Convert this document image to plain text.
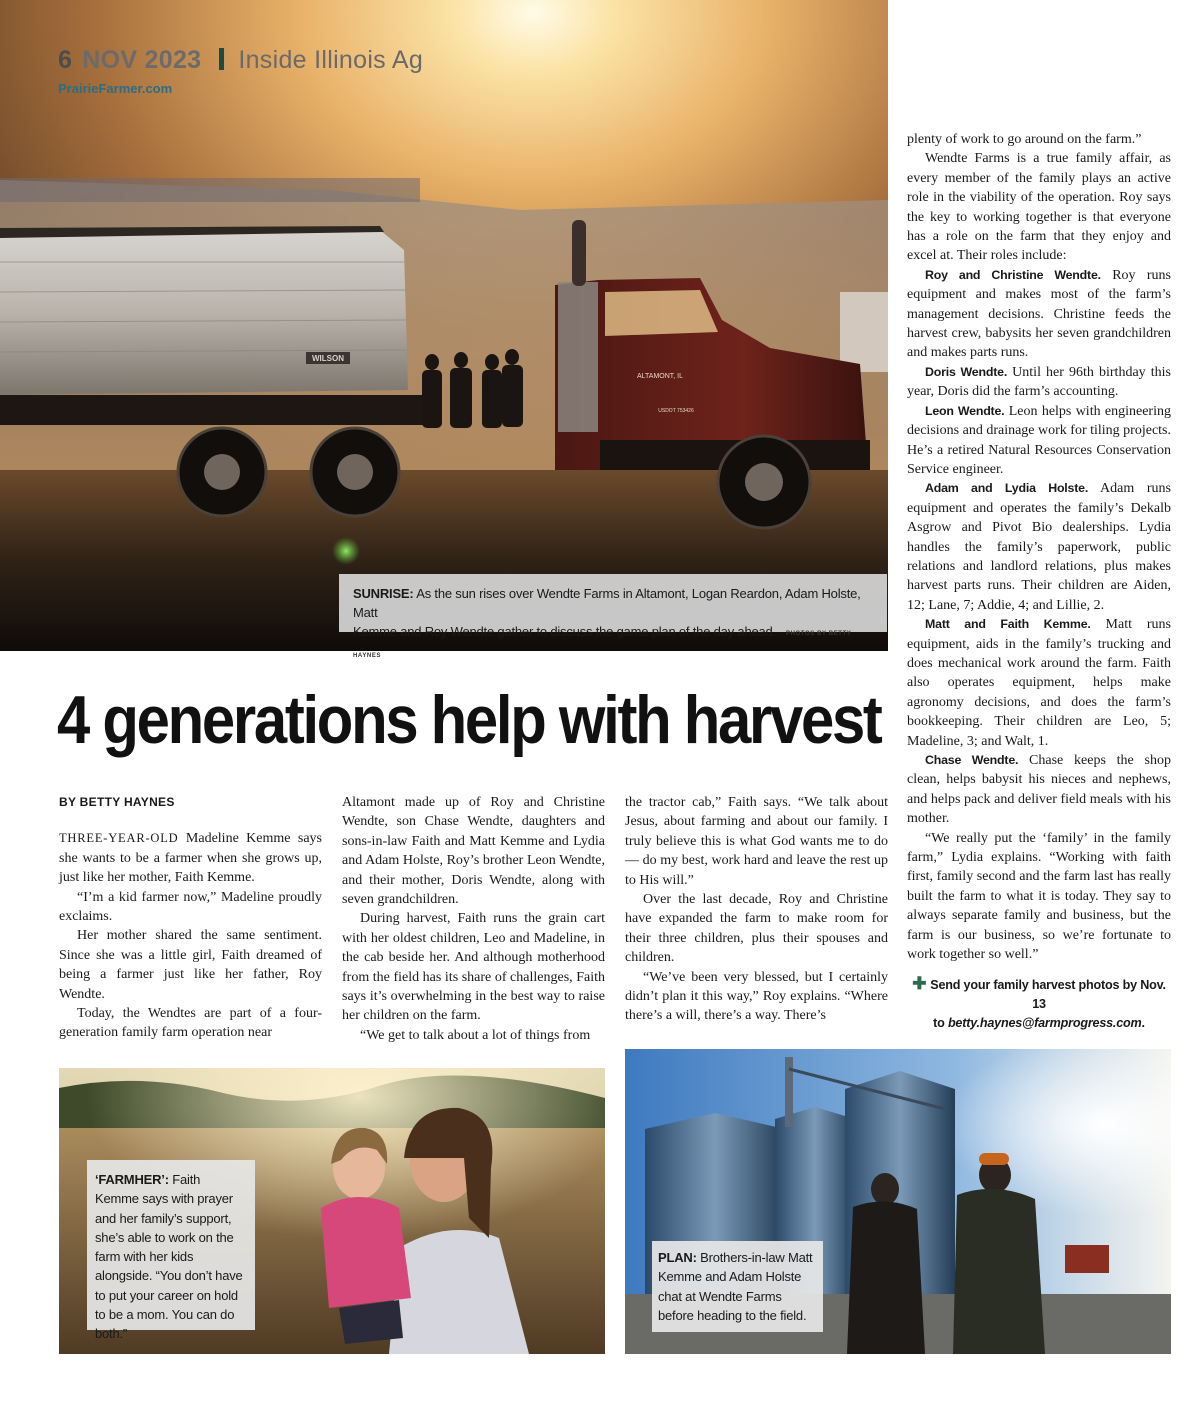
WILSON
ALTAMONT, IL
USDOT 753426
6 NOV 2023 Inside Illinois Ag
PrairieFarmer.com
SUNRISE: As the sun rises over Wendte Farms in Altamont, Logan Reardon, Adam Holste, Matt
Kemme and Roy Wendte gather to discuss the game plan of the day ahead. PHOTOS BY BETTY HAYNES
4 generations help with harvest

BY BETTY HAYNES

THREE-YEAR-OLD Madeline Kemme says she wants to be a farmer when she grows up, just like her mother, Faith Kemme.

“I’m a kid farmer now,” Madeline proudly exclaims.

Her mother shared the same sentiment. Since she was a little girl, Faith dreamed of being a farmer just like her father, Roy Wendte.

Today, the Wendtes are part of a four-generation family farm operation near

Altamont made up of Roy and Christine Wendte, son Chase Wendte, daughters and sons-in-law Faith and Matt Kemme and Lydia and Adam Holste, Roy’s brother Leon Wendte, and their mother, Doris Wendte, along with seven grandchildren.

During harvest, Faith runs the grain cart with her oldest children, Leo and Madeline, in the cab beside her. And although motherhood from the field has its share of challenges, Faith says it’s overwhelming in the best way to raise her children on the farm.

“We get to talk about a lot of things from

the tractor cab,” Faith says. “We talk about Jesus, about farming and about our family. I truly believe this is what God wants me to do — do my best, work hard and leave the rest up to His will.”

Over the last decade, Roy and Christine have expanded the farm to make room for their three children, plus their spouses and children.

“We’ve been very blessed, but I certainly didn’t plan it this way,” Roy explains. “Where there’s a will, there’s a way. There’s

plenty of work to go around on the farm.”

Wendte Farms is a true family affair, as every member of the family plays an active role in the viability of the operation. Roy says the key to working together is that everyone has a role on the farm that they enjoy and excel at. Their roles include:

Roy and Christine Wendte. Roy runs equipment and makes most of the farm’s management decisions. Christine feeds the harvest crew, babysits her seven grandchildren and makes parts runs.

Doris Wendte. Until her 96th birthday this year, Doris did the farm’s accounting.

Leon Wendte. Leon helps with engineering decisions and drainage work for tiling projects. He’s a retired Natural Resources Conservation Service engineer.

Adam and Lydia Holste. Adam runs equipment and operates the family’s Dekalb Asgrow and Pivot Bio dealerships. Lydia handles the family’s paperwork, public relations and landlord relations, plus makes harvest parts runs. Their children are Aiden, 12; Lane, 7; Addie, 4; and Lillie, 2.

Matt and Faith Kemme. Matt runs equipment, aids in the family’s trucking and does mechanical work around the farm. Faith also operates equipment, helps make agronomy decisions, and does the farm’s bookkeeping. Their children are Leo, 5; Madeline, 3; and Walt, 1.

Chase Wendte. Chase keeps the shop clean, helps babysit his nieces and nephews, and helps pack and deliver field meals with his mother.

“We really put the ‘family’ in the family farm,” Lydia explains. “Working with faith first, family second and the farm last has really built the farm to what it is today. They say to always separate family and business, but the farm is our business, so we’re fortunate to work together so well.”

✚ Send your family harvest photos by Nov. 13
to betty.haynes@farmprogress.com.

‘FARMHER’: Faith Kemme says with prayer and her family’s support, she’s able to work on the farm with her kids alongside. “You don’t have to put your career on hold to be a mom. You can do both.”
PLAN: Brothers-in-law Matt Kemme and Adam Holste chat at Wendte Farms before heading to the field.
